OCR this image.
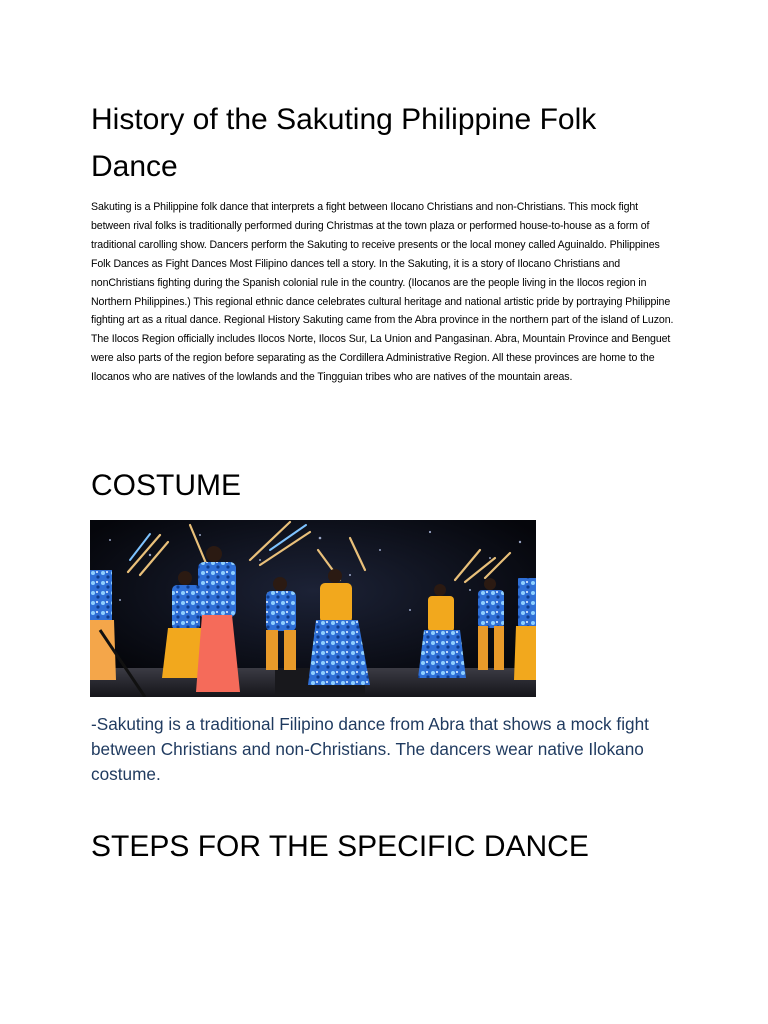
History of the Sakuting Philippine Folk Dance

Sakuting is a Philippine folk dance that interprets a fight between Ilocano Christians and non-Christians. This mock fight between rival folks is traditionally performed during Christmas at the town plaza or performed house-to-house as a form of traditional carolling show. Dancers perform the Sakuting to receive presents or the local money called Aguinaldo. Philippines Folk Dances as Fight Dances Most Filipino dances tell a story. In the Sakuting, it is a story of Ilocano Christians and nonChristians fighting during the Spanish colonial rule in the country. (Ilocanos are the people living in the Ilocos region in Northern Philippines.) This regional ethnic dance celebrates cultural heritage and national artistic pride by portraying Philippine fighting art as a ritual dance. Regional History Sakuting came from the Abra province in the northern part of the island of Luzon. The Ilocos Region officially includes Ilocos Norte, Ilocos Sur, La Union and Pangasinan. Abra, Mountain Province and Benguet were also parts of the region before separating as the Cordillera Administrative Region. All these provinces are home to the Ilocanos who are natives of the lowlands and the Tingguian tribes who are natives of the mountain areas.

COSTUME

-Sakuting is a traditional Filipino dance from Abra that shows a mock fight between Christians and non-Christians. The dancers wear native Ilokano costume.

STEPS FOR THE SPECIFIC DANCE
